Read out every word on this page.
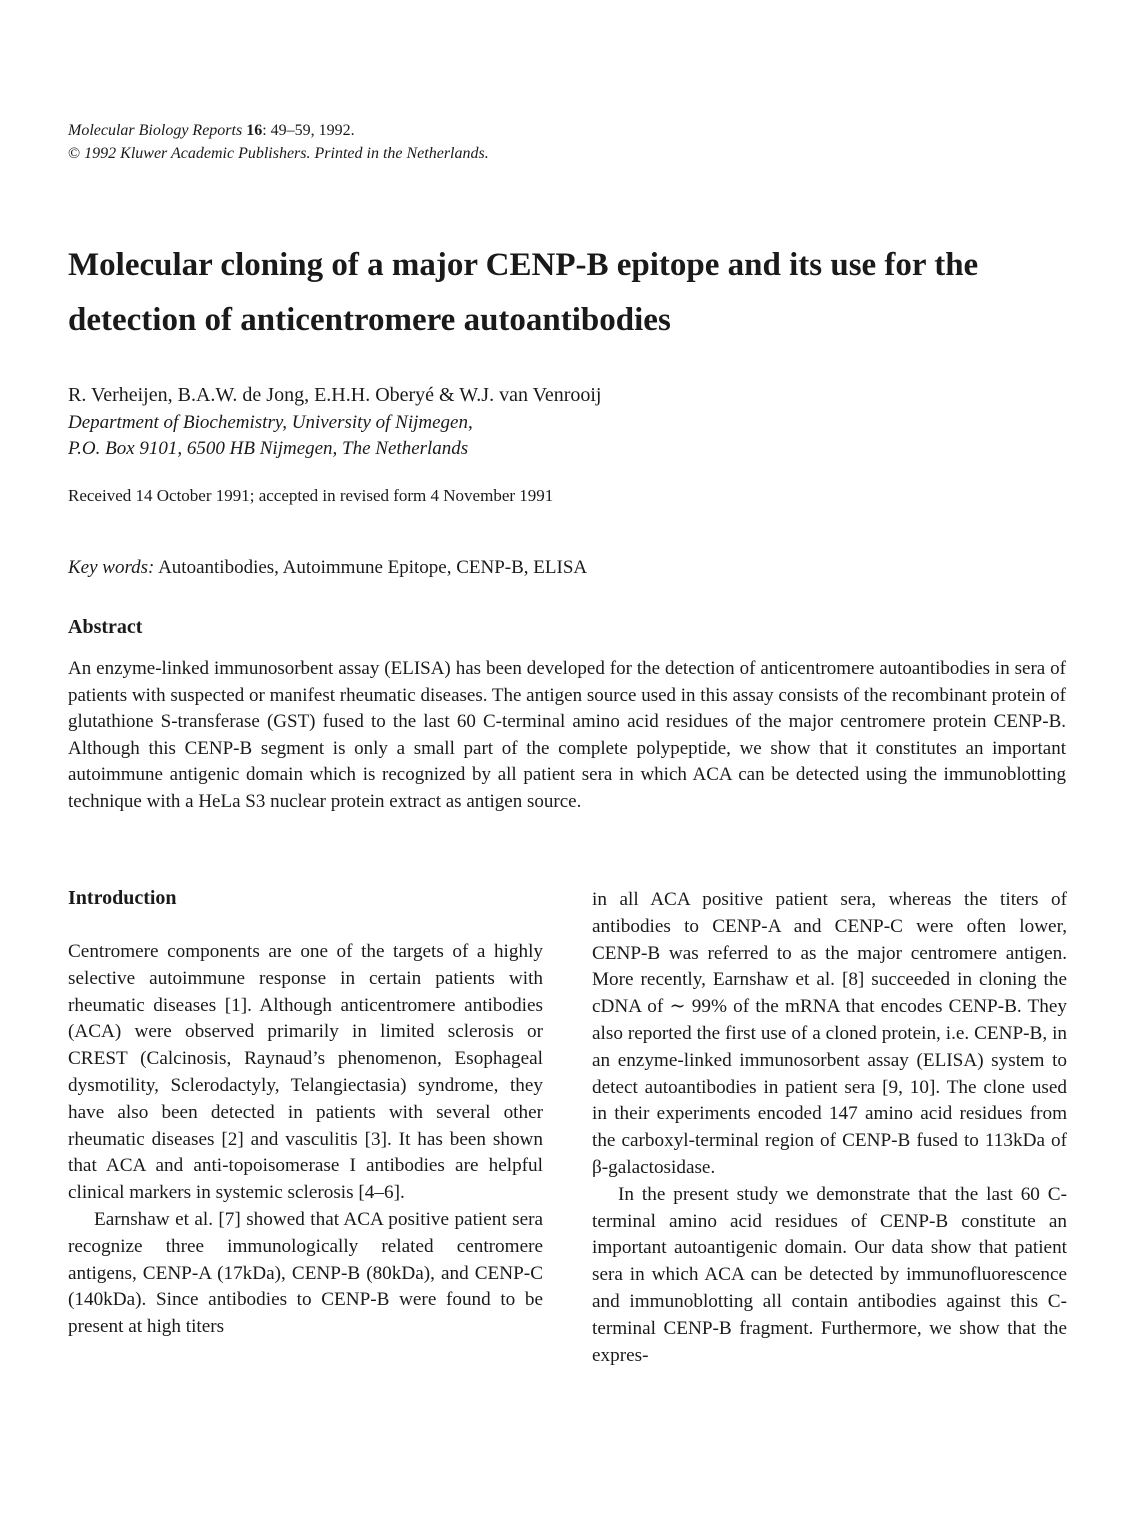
Molecular Biology Reports 16: 49–59, 1992.
© 1992 Kluwer Academic Publishers. Printed in the Netherlands.
Molecular cloning of a major CENP-B epitope and its use for the detection of anticentromere autoantibodies
R. Verheijen, B.A.W. de Jong, E.H.H. Oberyé & W.J. van Venrooij
Department of Biochemistry, University of Nijmegen,
P.O. Box 9101, 6500 HB Nijmegen, The Netherlands
Received 14 October 1991; accepted in revised form 4 November 1991
Key words: Autoantibodies, Autoimmune Epitope, CENP-B, ELISA
Abstract

An enzyme-linked immunosorbent assay (ELISA) has been developed for the detection of anticentromere autoantibodies in sera of patients with suspected or manifest rheumatic diseases. The antigen source used in this assay consists of the recombinant protein of glutathione S-transferase (GST) fused to the last 60 C-terminal amino acid residues of the major centromere protein CENP-B. Although this CENP-B segment is only a small part of the complete polypeptide, we show that it constitutes an important autoimmune antigenic domain which is recognized by all patient sera in which ACA can be detected using the immunoblotting technique with a HeLa S3 nuclear protein extract as antigen source.

Introduction

Centromere components are one of the targets of a highly selective autoimmune response in certain patients with rheumatic diseases [1]. Although anticentromere antibodies (ACA) were observed primarily in limited sclerosis or CREST (Calcinosis, Raynaud’s phenomenon, Esophageal dysmotility, Sclerodactyly, Telangiectasia) syndrome, they have also been detected in patients with several other rheumatic diseases [2] and vasculitis [3]. It has been shown that ACA and anti-topoisomerase I antibodies are helpful clinical markers in systemic sclerosis [4–6].

Earnshaw et al. [7] showed that ACA positive patient sera recognize three immunologically related centromere antigens, CENP-A (17kDa), CENP-B (80kDa), and CENP-C (140kDa). Since antibodies to CENP-B were found to be present at high titers

in all ACA positive patient sera, whereas the titers of antibodies to CENP-A and CENP-C were often lower, CENP-B was referred to as the major centromere antigen. More recently, Earnshaw et al. [8] succeeded in cloning the cDNA of ∼ 99% of the mRNA that encodes CENP-B. They also reported the first use of a cloned protein, i.e. CENP-B, in an enzyme-linked immunosorbent assay (ELISA) system to detect autoantibodies in patient sera [9, 10]. The clone used in their experiments encoded 147 amino acid residues from the carboxyl-terminal region of CENP-B fused to 113kDa of β-galactosidase.

In the present study we demonstrate that the last 60 C-terminal amino acid residues of CENP-B constitute an important autoantigenic domain. Our data show that patient sera in which ACA can be detected by immunofluorescence and immunoblotting all contain antibodies against this C-terminal CENP-B fragment. Furthermore, we show that the expres-
